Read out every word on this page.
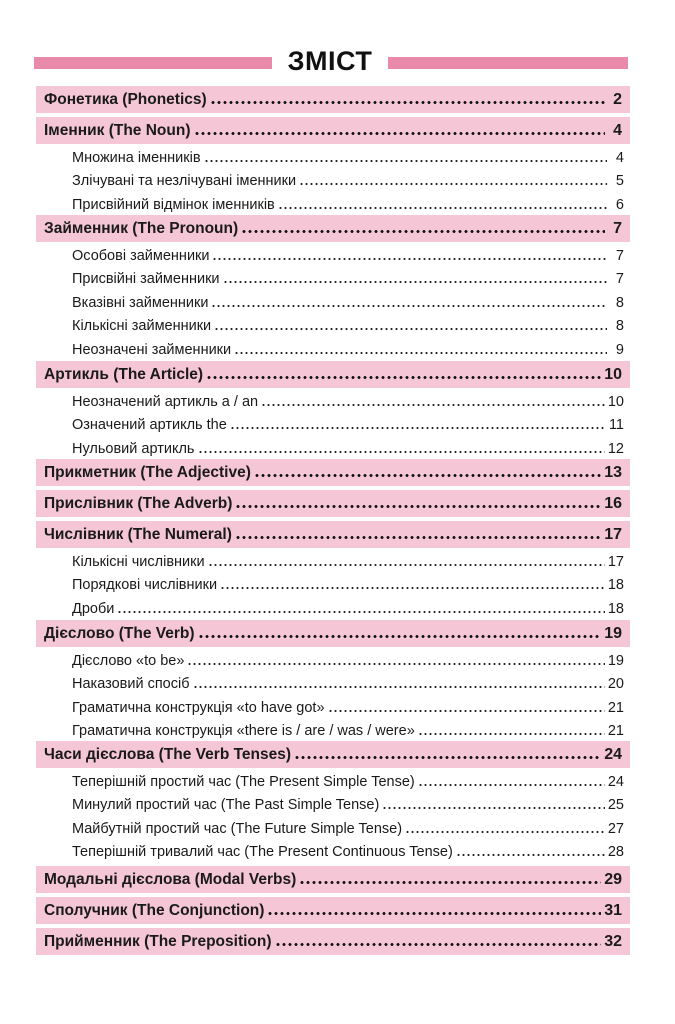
ЗМІСТ
Фонетика (Phonetics)	2
Іменник (The Noun)	4
Множина іменників	4
Злічувані та незлічувані іменники	5
Присвійний відмінок іменників	6
Займенник (The Pronoun)	7
Особові займенники	7
Присвійні займенники	7
Вказівні займенники	8
Кількісні займенники	8
Неозначені займенники	9
Артикль (The Article)	10
Неозначений артикль a / an	10
Означений артикль the	11
Нульовий артикль	12
Прикметник (The Adjective)	13
Прислівник (The Adverb)	16
Числівник (The Numeral)	17
Кількісні числівники	17
Порядкові числівники	18
Дроби	18
Дієслово (The Verb)	19
Дієслово «to be»	19
Наказовий спосіб	20
Граматична конструкція «to have got»	21
Граматична конструкція «there is / are / was / were»	21
Часи дієслова (The Verb Tenses)	24
Теперішній простий час (The Present Simple Tense)	24
Минулий простий час (The Past Simple Tense)	25
Майбутній простий час (The Future Simple Tense)	27
Теперішній тривалий час (The Present Continuous Tense)	28
Модальні дієслова (Modal Verbs)	29
Сполучник (The Conjunction)	31
Прийменник (The Preposition)	32
